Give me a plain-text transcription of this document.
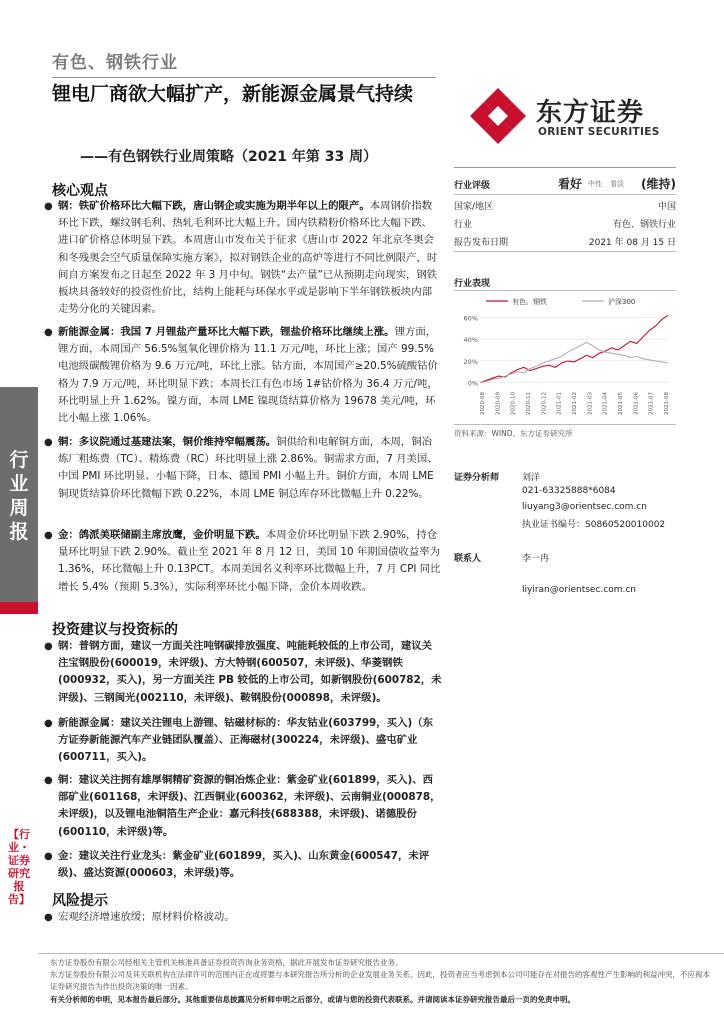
行业周报
【行业・证券研究报告】
有色、钢铁行业
锂电厂商欲大幅扩产，新能源金属景气持续
——有色钢铁行业周策略（2021 年第 33 周）
东方证券
ORIENT SECURITIES
核心观点
● 钢：铁矿价格环比大幅下跌，唐山钢企或实施为期半年以上的限产。本周钢价指数环比下跌，螺纹钢毛利、热轧毛利环比大幅上升。国内铁精粉价格环比大幅下跌、进口矿价格总体明显下跌。本周唐山市发布关于征求《唐山市 2022 年北京冬奥会和冬残奥会空气质量保障实施方案》，拟对钢铁企业的高炉等进行不同比例限产，时间自方案发布之日起至 2022 年 3 月中旬。钢铁“去产量”已从预期走向现实，钢铁板块具备较好的投资性价比，结构上能耗与环保水平或是影响下半年钢铁板块内部走势分化的关键因素。
● 新能源金属：我国 7 月锂盐产量环比大幅下跌，锂盐价格环比继续上涨。锂方面，锂方面，本周国产 56.5%氢氧化锂价格为 11.1 万元/吨，环比上涨；国产 99.5%电池级碳酸锂价格为 9.6 万元/吨，环比上涨。钴方面，本周国产≥20.5%硫酸钴价格为 7.9 万元/吨，环比明显下跌；本周长江有色市场 1#钴价格为 36.4 万元/吨，环比明显上升 1.62%。镍方面，本周 LME 镍现货结算价格为 19678 美元/吨，环比小幅上涨 1.06%。
● 铜：多议院通过基建法案，铜价维持窄幅震荡。铜供给和电解铜方面，本周，铜冶炼厂粗炼费（TC）、精炼费（RC）环比明显上涨 2.86%。铜需求方面，7 月美国、中国 PMI 环比明显、小幅下降，日本、德国 PMI 小幅上升。铜价方面，本周 LME 铜现货结算价环比微幅下跌 0.22%，本周 LME 铜总库存环比微幅上升 0.22%。
● 金：鸽派美联储副主席放鹰，金价明显下跌。本周金价环比明显下跌 2.90%，持仓量环比明显下跌 2.90%。截止至 2021 年 8 月 12 日，美国 10 年期国债收益率为 1.36%，环比微幅上升 0.13PCT。本周美国名义利率环比微幅上升，7 月 CPI 同比增长 5.4%（预期 5.3%），实际利率环比小幅下降，金价本周收跌。
投资建议与投资标的
● 钢：普钢方面，建议一方面关注吨钢碳排放强度、吨能耗较低的上市公司，建议关注宝钢股份(600019，未评级)、方大特钢(600507，未评级)、华菱钢铁(000932，买入)，另一方面关注 PB 较低的上市公司，如新钢股份(600782，未评级)、三钢闽光(002110，未评级)、鞍钢股份(000898，未评级)。
● 新能源金属：建议关注锂电上游锂、钴磁材标的：华友钴业(603799，买入)（东方证券新能源汽车产业链团队覆盖）、正海磁材(300224，未评级)、盛屯矿业(600711，买入)。
● 铜：建议关注拥有雄厚铜精矿资源的铜冶炼企业：紫金矿业(601899，买入)、西部矿业(601168，未评级)、江西铜业(600362，未评级)、云南铜业(000878，未评级)，以及锂电池铜箔生产企业：嘉元科技(688388，未评级)、诺德股份(600110，未评级)等。
● 金：建议关注行业龙头：紫金矿业(601899，买入)、山东黄金(600547，未评级)、盛达资源(000603，未评级)等。
风险提示
● 宏观经济增速放缓；原材料价格波动。
行业评级	看好 中性 看淡 (维持)
国家/地区	中国
行业	有色、钢铁行业
报告发布日期	2021 年 08 月 15 日
行业表现
60%
40%
20%
0%
有色、钢铁	沪深300
2020-08 2020-09 2020-10 2020-11 2020-12 2021-01 2021-02 2021-03 2021-04 2021-05 2021-06 2021-07 2021-08
资料来源：WIND、东方证券研究所
证券分析师	刘洋
021-63325888*6084
liuyang3@orientsec.com.cn
执业证书编号：S0860520010002
联系人	李一冉
liyiran@orientsec.com.cn
东方证券股份有限公司经相关主管机关核准具备证券投资咨询业务资格，据此开展发布证券研究报告业务。
东方证券股份有限公司及其关联机构在法律许可的范围内正在或将要与本研究报告所分析的企业发展业务关系。因此，投资者应当考虑到本公司可能存在对报告的客观性产生影响的利益冲突，不应视本证券研究报告为作出投资决策的唯一因素。
有关分析师的申明，见本报告最后部分。其他重要信息披露见分析师申明之后部分，或请与您的投资代表联系。并请阅读本证券研究报告最后一页的免责申明。
